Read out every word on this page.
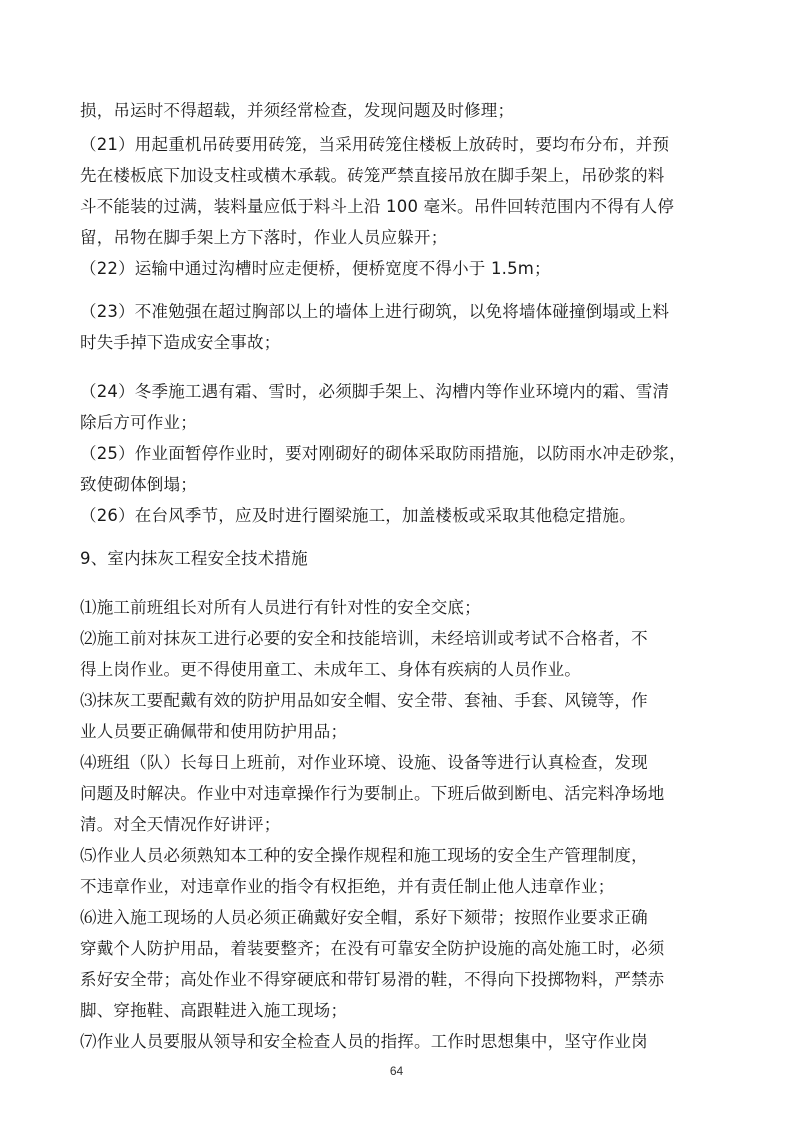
损，吊运时不得超载，并须经常检查，发现问题及时修理；
（21）用起重机吊砖要用砖笼，当采用砖笼住楼板上放砖时，要均布分布，并预
先在楼板底下加设支柱或横木承载。砖笼严禁直接吊放在脚手架上，吊砂浆的料
斗不能装的过满，装料量应低于料斗上沿 100 毫米。吊件回转范围内不得有人停
留，吊物在脚手架上方下落时，作业人员应躲开；
（22）运输中通过沟槽时应走便桥，便桥宽度不得小于 1.5m；
（23）不准勉强在超过胸部以上的墙体上进行砌筑，以免将墙体碰撞倒塌或上料
时失手掉下造成安全事故；
（24）冬季施工遇有霜、雪时，必须脚手架上、沟槽内等作业环境内的霜、雪清
除后方可作业；
（25）作业面暂停作业时，要对刚砌好的砌体采取防雨措施，以防雨水冲走砂浆，
致使砌体倒塌；
（26）在台风季节，应及时进行圈梁施工，加盖楼板或采取其他稳定措施。
9、室内抹灰工程安全技术措施
⑴施工前班组长对所有人员进行有针对性的安全交底；
⑵施工前对抹灰工进行必要的安全和技能培训，未经培训或考试不合格者，不
得上岗作业。更不得使用童工、未成年工、身体有疾病的人员作业。
⑶抹灰工要配戴有效的防护用品如安全帽、安全带、套袖、手套、风镜等，作
业人员要正确佩带和使用防护用品；
⑷班组（队）长每日上班前，对作业环境、设施、设备等进行认真检查，发现
问题及时解决。作业中对违章操作行为要制止。下班后做到断电、活完料净场地
清。对全天情况作好讲评；
⑸作业人员必须熟知本工种的安全操作规程和施工现场的安全生产管理制度，
不违章作业，对违章作业的指令有权拒绝，并有责任制止他人违章作业；
⑹进入施工现场的人员必须正确戴好安全帽，系好下颏带；按照作业要求正确
穿戴个人防护用品，着装要整齐；在没有可靠安全防护设施的高处施工时，必须
系好安全带；高处作业不得穿硬底和带钉易滑的鞋，不得向下投掷物料，严禁赤
脚、穿拖鞋、高跟鞋进入施工现场；
⑺作业人员要服从领导和安全检查人员的指挥。工作时思想集中，坚守作业岗
64
